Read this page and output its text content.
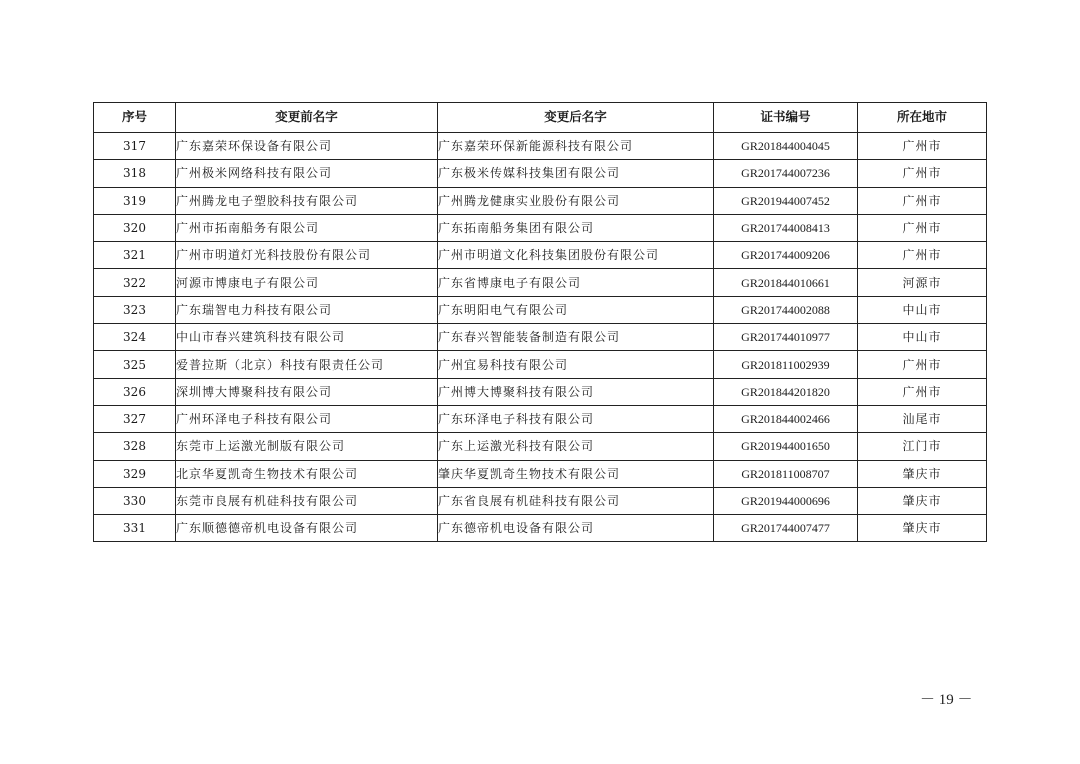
序号	变更前名字	变更后名字	证书编号	所在地市
317	广东嘉荣环保设备有限公司	广东嘉荣环保新能源科技有限公司	GR201844004045	广州市
318	广州极米网络科技有限公司	广东极米传媒科技集团有限公司	GR201744007236	广州市
319	广州腾龙电子塑胶科技有限公司	广州腾龙健康实业股份有限公司	GR201944007452	广州市
320	广州市拓南船务有限公司	广东拓南船务集团有限公司	GR201744008413	广州市
321	广州市明道灯光科技股份有限公司	广州市明道文化科技集团股份有限公司	GR201744009206	广州市
322	河源市博康电子有限公司	广东省博康电子有限公司	GR201844010661	河源市
323	广东瑞智电力科技有限公司	广东明阳电气有限公司	GR201744002088	中山市
324	中山市春兴建筑科技有限公司	广东春兴智能装备制造有限公司	GR201744010977	中山市
325	爱普拉斯（北京）科技有限责任公司	广州宜易科技有限公司	GR201811002939	广州市
326	深圳博大博聚科技有限公司	广州博大博聚科技有限公司	GR201844201820	广州市
327	广州环泽电子科技有限公司	广东环泽电子科技有限公司	GR201844002466	汕尾市
328	东莞市上运激光制版有限公司	广东上运激光科技有限公司	GR201944001650	江门市
329	北京华夏凯奇生物技术有限公司	肇庆华夏凯奇生物技术有限公司	GR201811008707	肇庆市
330	东莞市良展有机硅科技有限公司	广东省良展有机硅科技有限公司	GR201944000696	肇庆市
331	广东顺德德帝机电设备有限公司	广东德帝机电设备有限公司	GR201744007477	肇庆市
－ 19 －
